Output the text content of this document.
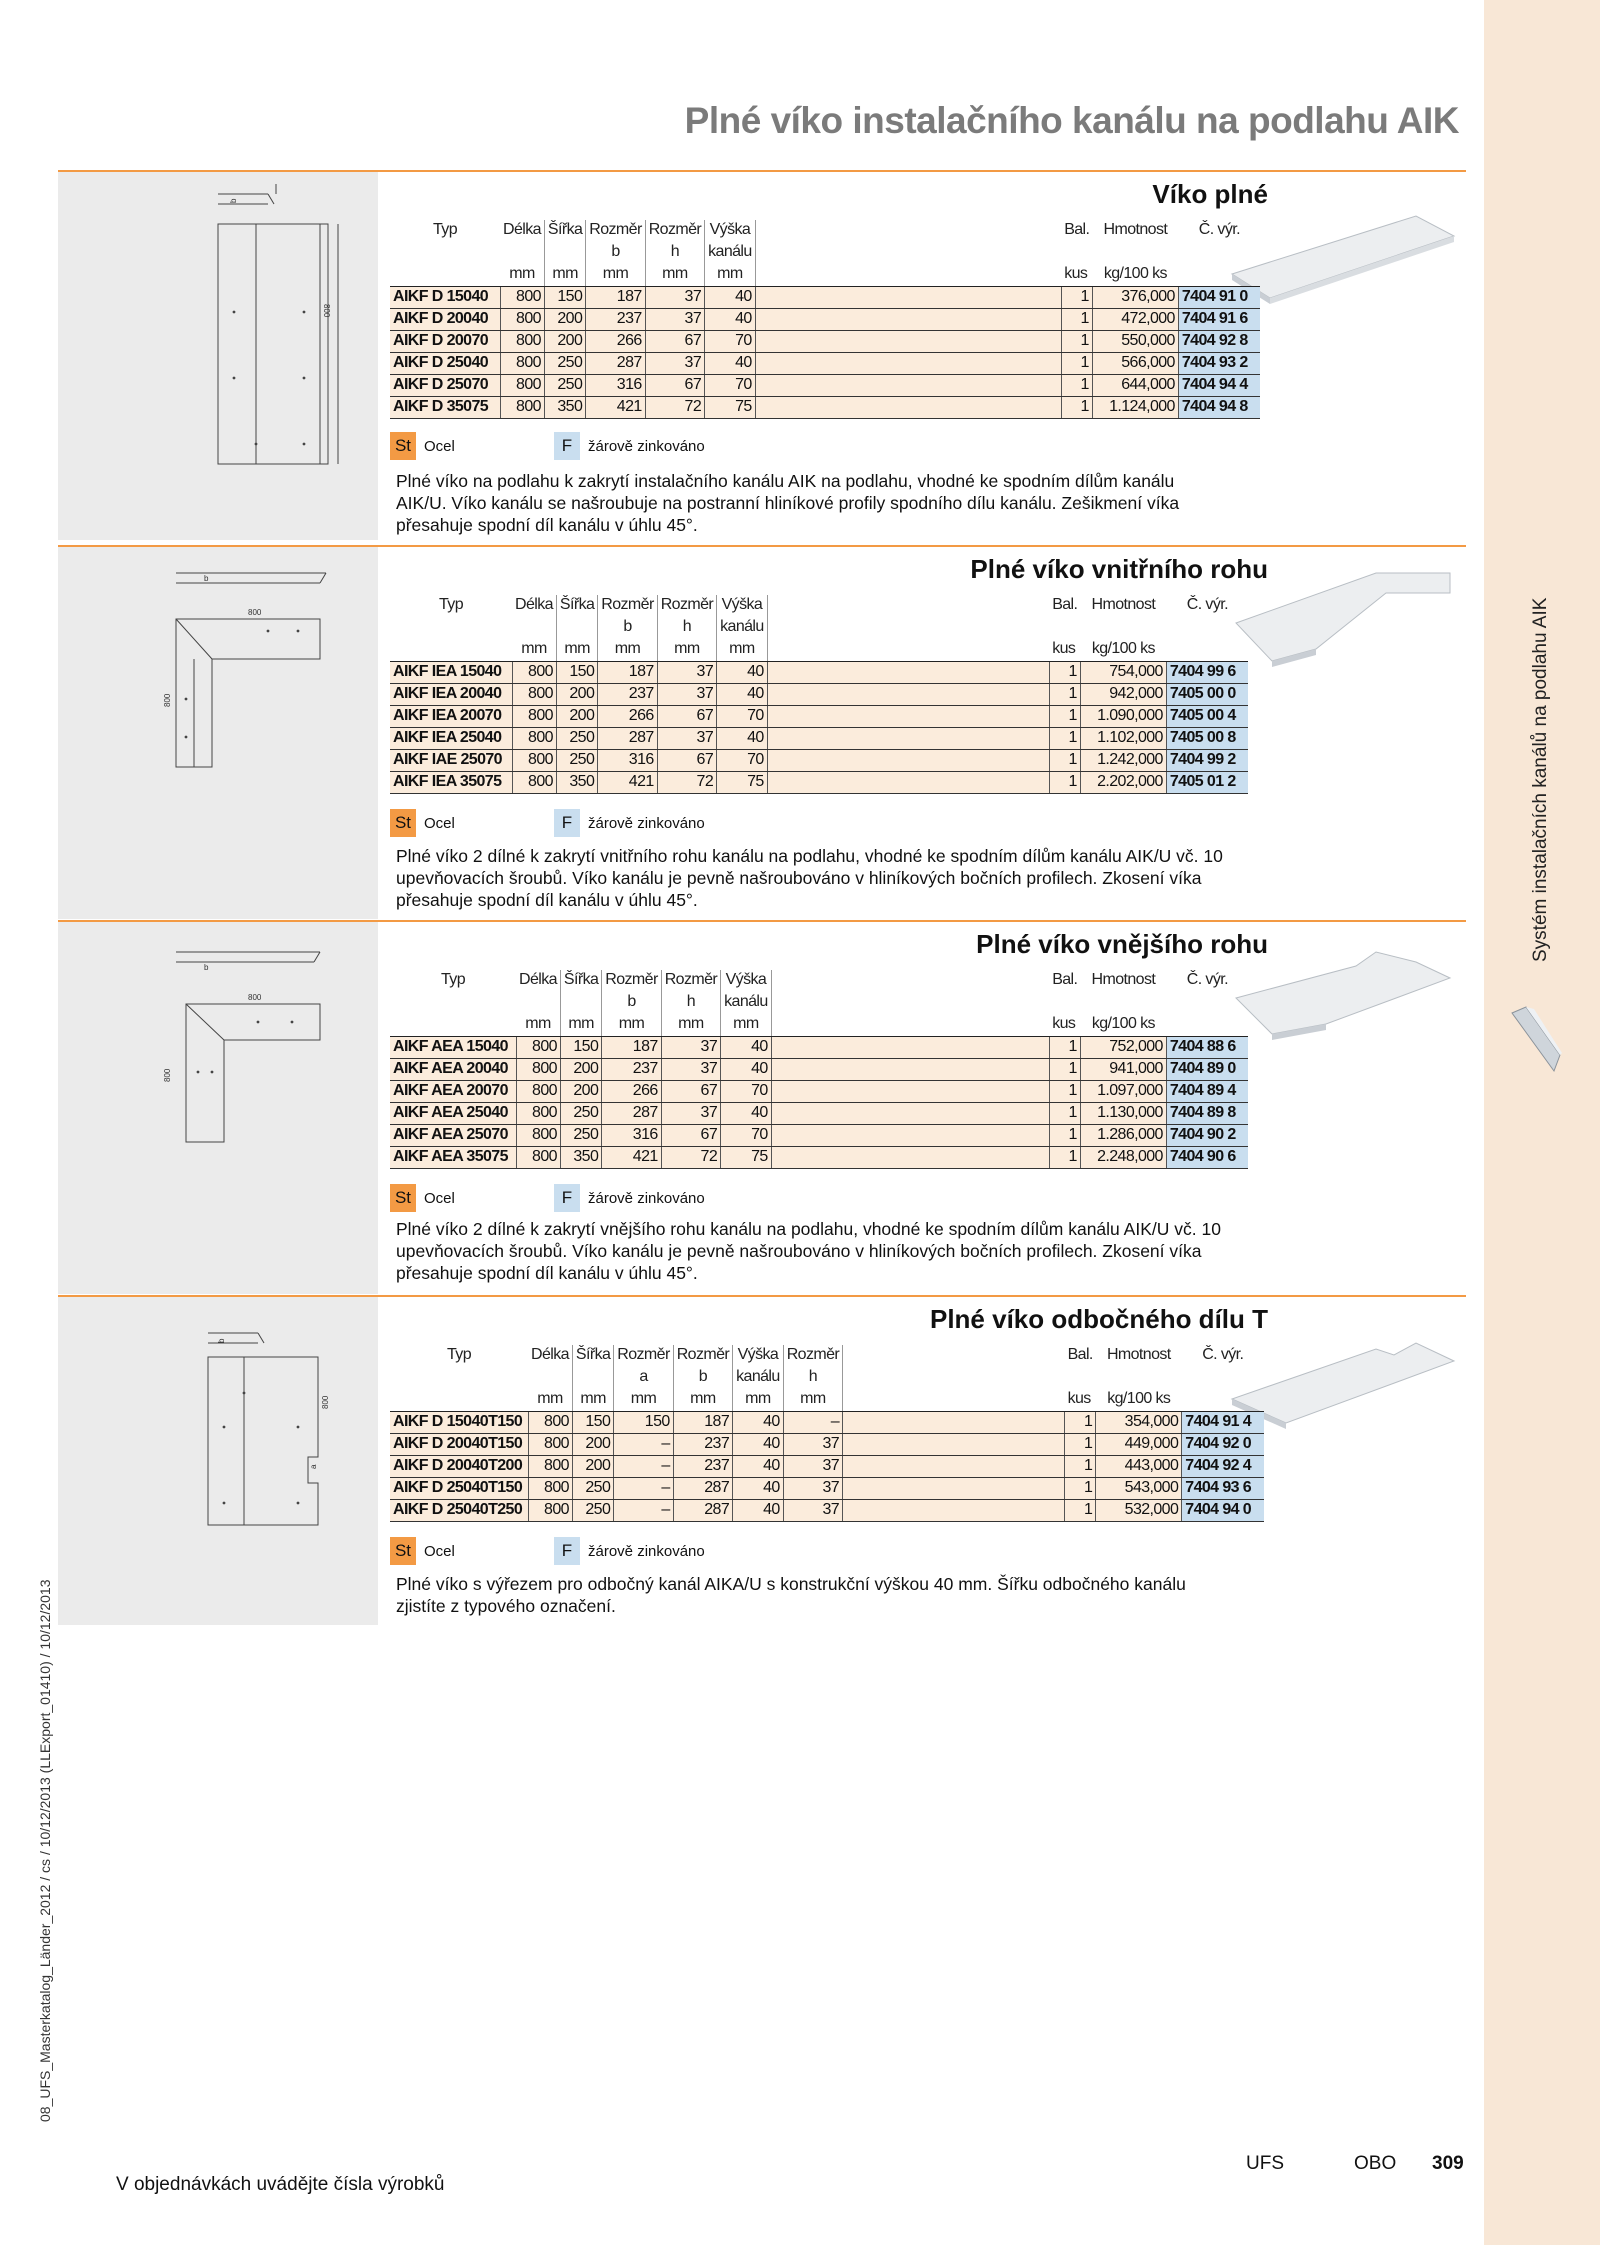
Systém instalačních kanálů na podlahu AIK
08_UFS_Masterkatalog_Länder_2012 / cs / 10/12/2013 (LLExport_01410) / 10/12/2013
Plné víko instalačního kanálu na podlahu AIK
b
800
Víko plné
Typ	Délka	Šířka	Rozměr	Rozměr	Výška		Bal.	Hmotnost	Č. výr.
			b	h	kanálu				
	mm	mm	mm	mm	mm		kus	kg/100 ks	
AIKF D 15040	800	150	187	37	40		1	376,000	7404 91 0
AIKF D 20040	800	200	237	37	40		1	472,000	7404 91 6
AIKF D 20070	800	200	266	67	70		1	550,000	7404 92 8
AIKF D 25040	800	250	287	37	40		1	566,000	7404 93 2
AIKF D 25070	800	250	316	67	70		1	644,000	7404 94 4
AIKF D 35075	800	350	421	72	75		1	1.124,000	7404 94 8
St Ocel	F	žárově zinkováno
Plné víko na podlahu k zakrytí instalačního kanálu AIK na podlahu, vhodné ke spodním dílům kanálu AIK/U. Víko kanálu se našroubuje na postranní hliníkové profily spodního dílu kanálu. Zešikmení víka přesahuje spodní díl kanálu v úhlu 45°.
800
800
b	Plné víko vnitřního rohu
Typ	Délka	Šířka	Rozměr	Rozměr	Výška		Bal.	Hmotnost	Č. výr.
			b	h	kanálu				
	mm	mm	mm	mm	mm		kus	kg/100 ks	
AIKF IEA 15040	800	150	187	37	40		1	754,000	7404 99 6
AIKF IEA 20040	800	200	237	37	40		1	942,000	7405 00 0
AIKF IEA 20070	800	200	266	67	70		1	1.090,000	7405 00 4
AIKF IEA 25040	800	250	287	37	40		1	1.102,000	7405 00 8
AIKF IAE 25070	800	250	316	67	70		1	1.242,000	7404 99 2
AIKF IEA 35075	800	350	421	72	75		1	2.202,000	7405 01 2
St Ocel	F	žárově zinkováno
Plné víko 2 dílné k zakrytí vnitřního rohu kanálu na podlahu, vhodné ke spodním dílům kanálu AIK/U vč. 10 upevňovacích šroubů. Víko kanálu je pevně našroubováno v hliníkových bočních profilech. Zkosení víka přesahuje spodní díl kanálu v úhlu 45°.
800
800
b
Plné víko vnějšího rohu
Typ	Délka	Šířka	Rozměr	Rozměr	Výška		Bal.	Hmotnost	Č. výr.
			b	h	kanálu				
	mm	mm	mm	mm	mm		kus	kg/100 ks	
AIKF AEA 15040	800	150	187	37	40		1	752,000	7404 88 6
AIKF AEA 20040	800	200	237	37	40		1	941,000	7404 89 0
AIKF AEA 20070	800	200	266	67	70		1	1.097,000	7404 89 4
AIKF AEA 25040	800	250	287	37	40		1	1.130,000	7404 89 8
AIKF AEA 25070	800	250	316	67	70		1	1.286,000	7404 90 2
AIKF AEA 35075	800	350	421	72	75		1	2.248,000	7404 90 6
St Ocel	F	žárově zinkováno
Plné víko 2 dílné k zakrytí vnějšího rohu kanálu na podlahu, vhodné ke spodním dílům kanálu AIK/U vč. 10 upevňovacích šroubů. Víko kanálu je pevně našroubováno v hliníkových bočních profilech. Zkosení víka přesahuje spodní díl kanálu v úhlu 45°.
b
a
800
Plné víko odbočného dílu T
Typ	Délka	Šířka	Rozměr	Rozměr	Výška	Rozměr		Bal.	Hmotnost	Č. výr.
			a	b	kanálu	h				
	mm	mm	mm	mm	mm	mm		kus	kg/100 ks	
AIKF D 15040T150	800	150	150	187	40	–		1	354,000	7404 91 4
AIKF D 20040T150	800	200	–	237	40	37		1	449,000	7404 92 0
AIKF D 20040T200	800	200	–	237	40	37		1	443,000	7404 92 4
AIKF D 25040T150	800	250	–	287	40	37		1	543,000	7404 93 6
AIKF D 25040T250	800	250	–	287	40	37		1	532,000	7404 94 0
St Ocel	F	žárově zinkováno
Plné víko s výřezem pro odbočný kanál AIKA/U s konstrukční výškou 40 mm. Šířku odbočného kanálu zjistíte z typového označení.
V objednávkách uvádějte čísla výrobků
UFS	OBO 309
